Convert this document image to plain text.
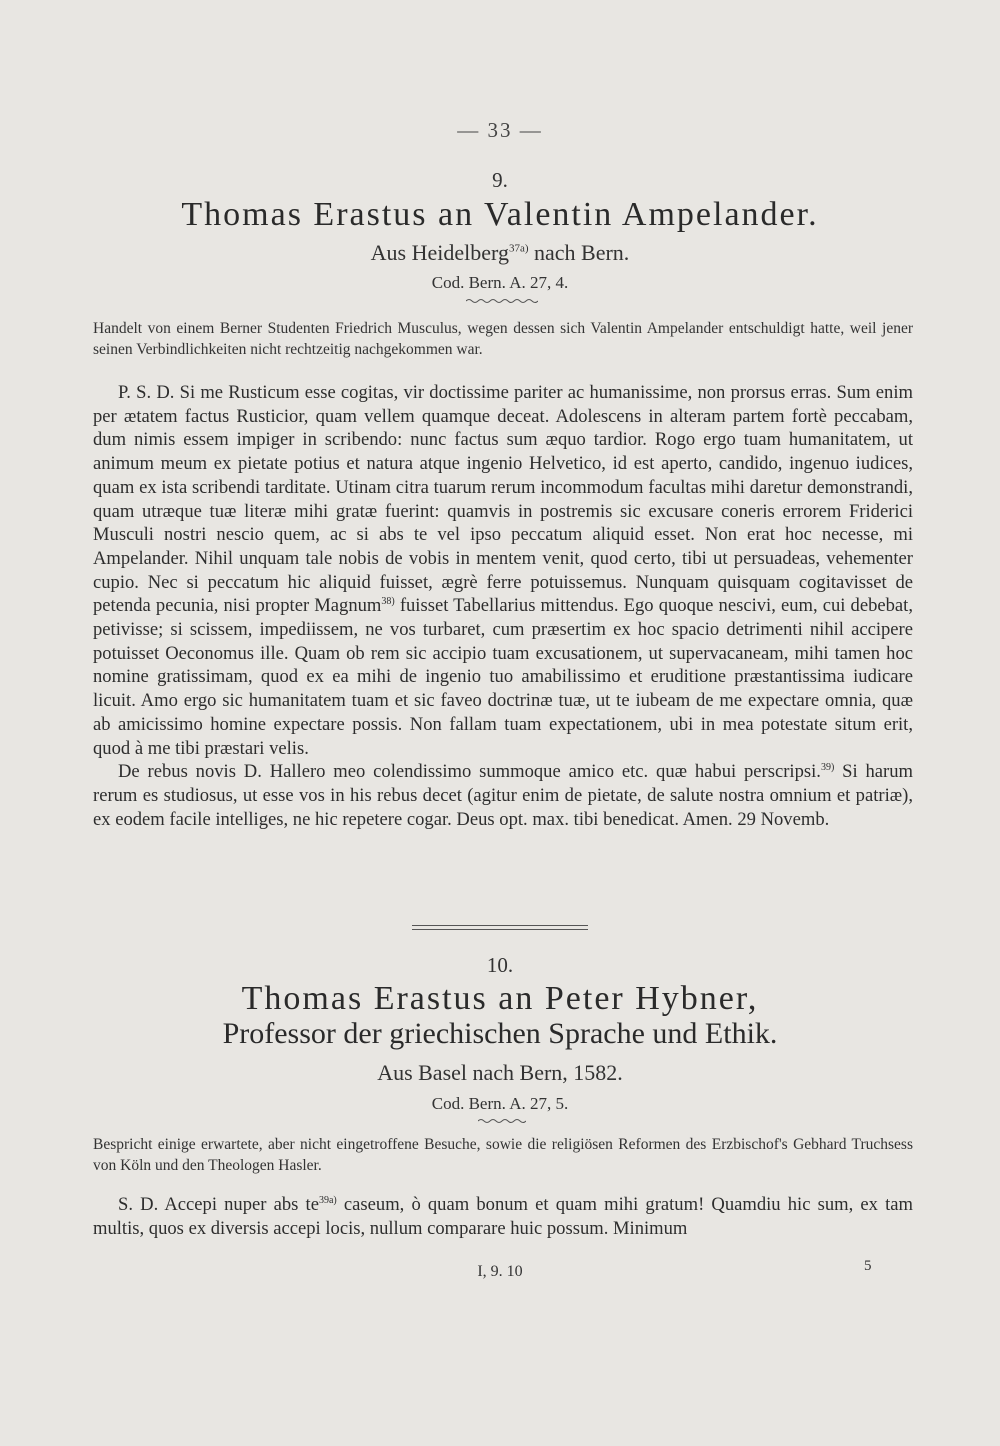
— 33 —
9.
Thomas Erastus an Valentin Ampelander.
Aus Heidelberg$^{37a)}$ nach Bern.
Cod. Bern. A. 27, 4.
Handelt von einem Berner Studenten Friedrich Musculus, wegen dessen sich Valentin Ampelander entschuldigt hatte, weil jener seinen Verbindlichkeiten nicht rechtzeitig nachgekommen war.

P. S. D. Si me Rusticum esse cogitas, vir doctissime pariter ac humanissime, non prorsus erras. Sum enim per ætatem factus Rusticior, quam vellem quamque deceat. Adolescens in alteram partem fortè peccabam, dum nimis essem impiger in scribendo: nunc factus sum æquo tardior. Rogo ergo tuam humanitatem, ut animum meum ex pietate potius et natura atque ingenio Helvetico, id est aperto, candido, ingenuo iudices, quam ex ista scribendi tarditate. Utinam citra tuarum rerum incommodum facultas mihi daretur demonstrandi, quam utræque tuæ literæ mihi gratæ fuerint: quamvis in postremis sic excusare coneris errorem Friderici Musculi nostri nescio quem, ac si abs te vel ipso peccatum aliquid esset. Non erat hoc necesse, mi Ampelander. Nihil unquam tale nobis de vobis in mentem venit, quod certo, tibi ut persuadeas, vehementer cupio. Nec si peccatum hic aliquid fuisset, ægrè ferre potuissemus. Nunquam quisquam cogitavisset de petenda pecunia, nisi propter Magnum$^{38)}$ fuisset Tabellarius mittendus. Ego quoque nescivi, eum, cui debebat, petivisse; si scissem, impediissem, ne vos turbaret, cum præsertim ex hoc spacio detrimenti nihil accipere potuisset Oeconomus ille. Quam ob rem sic accipio tuam excusationem, ut supervacaneam, mihi tamen hoc nomine gratissimam, quod ex ea mihi de ingenio tuo amabilissimo et eruditione præstantissima iudicare licuit. Amo ergo sic humanitatem tuam et sic faveo doctrinæ tuæ, ut te iubeam de me expectare omnia, quæ ab amicissimo homine expectare possis. Non fallam tuam expectationem, ubi in mea potestate situm erit, quod à me tibi præstari velis.

De rebus novis D. Hallero meo colendissimo summoque amico etc. quæ habui perscripsi.$^{39)}$ Si harum rerum es studiosus, ut esse vos in his rebus decet (agitur enim de pietate, de salute nostra omnium et patriæ), ex eodem facile intelliges, ne hic repetere cogar. Deus opt. max. tibi benedicat. Amen. 29 Novemb.

10.
Thomas Erastus an Peter Hybner,
Professor der griechischen Sprache und Ethik.
Aus Basel nach Bern, 1582.
Cod. Bern. A. 27, 5.
Bespricht einige erwartete, aber nicht eingetroffene Besuche, sowie die religiösen Reformen des Erzbischof's Gebhard Truchsess von Köln und den Theologen Hasler.

S. D. Accepi nuper abs $te^{39a)}$ caseum, ò quam bonum et quam mihi gratum! Quamdiu hic sum, ex tam multis, quos ex diversis accepi locis, nullum comparare huic possum. Minimum

I, 9. 10	5
